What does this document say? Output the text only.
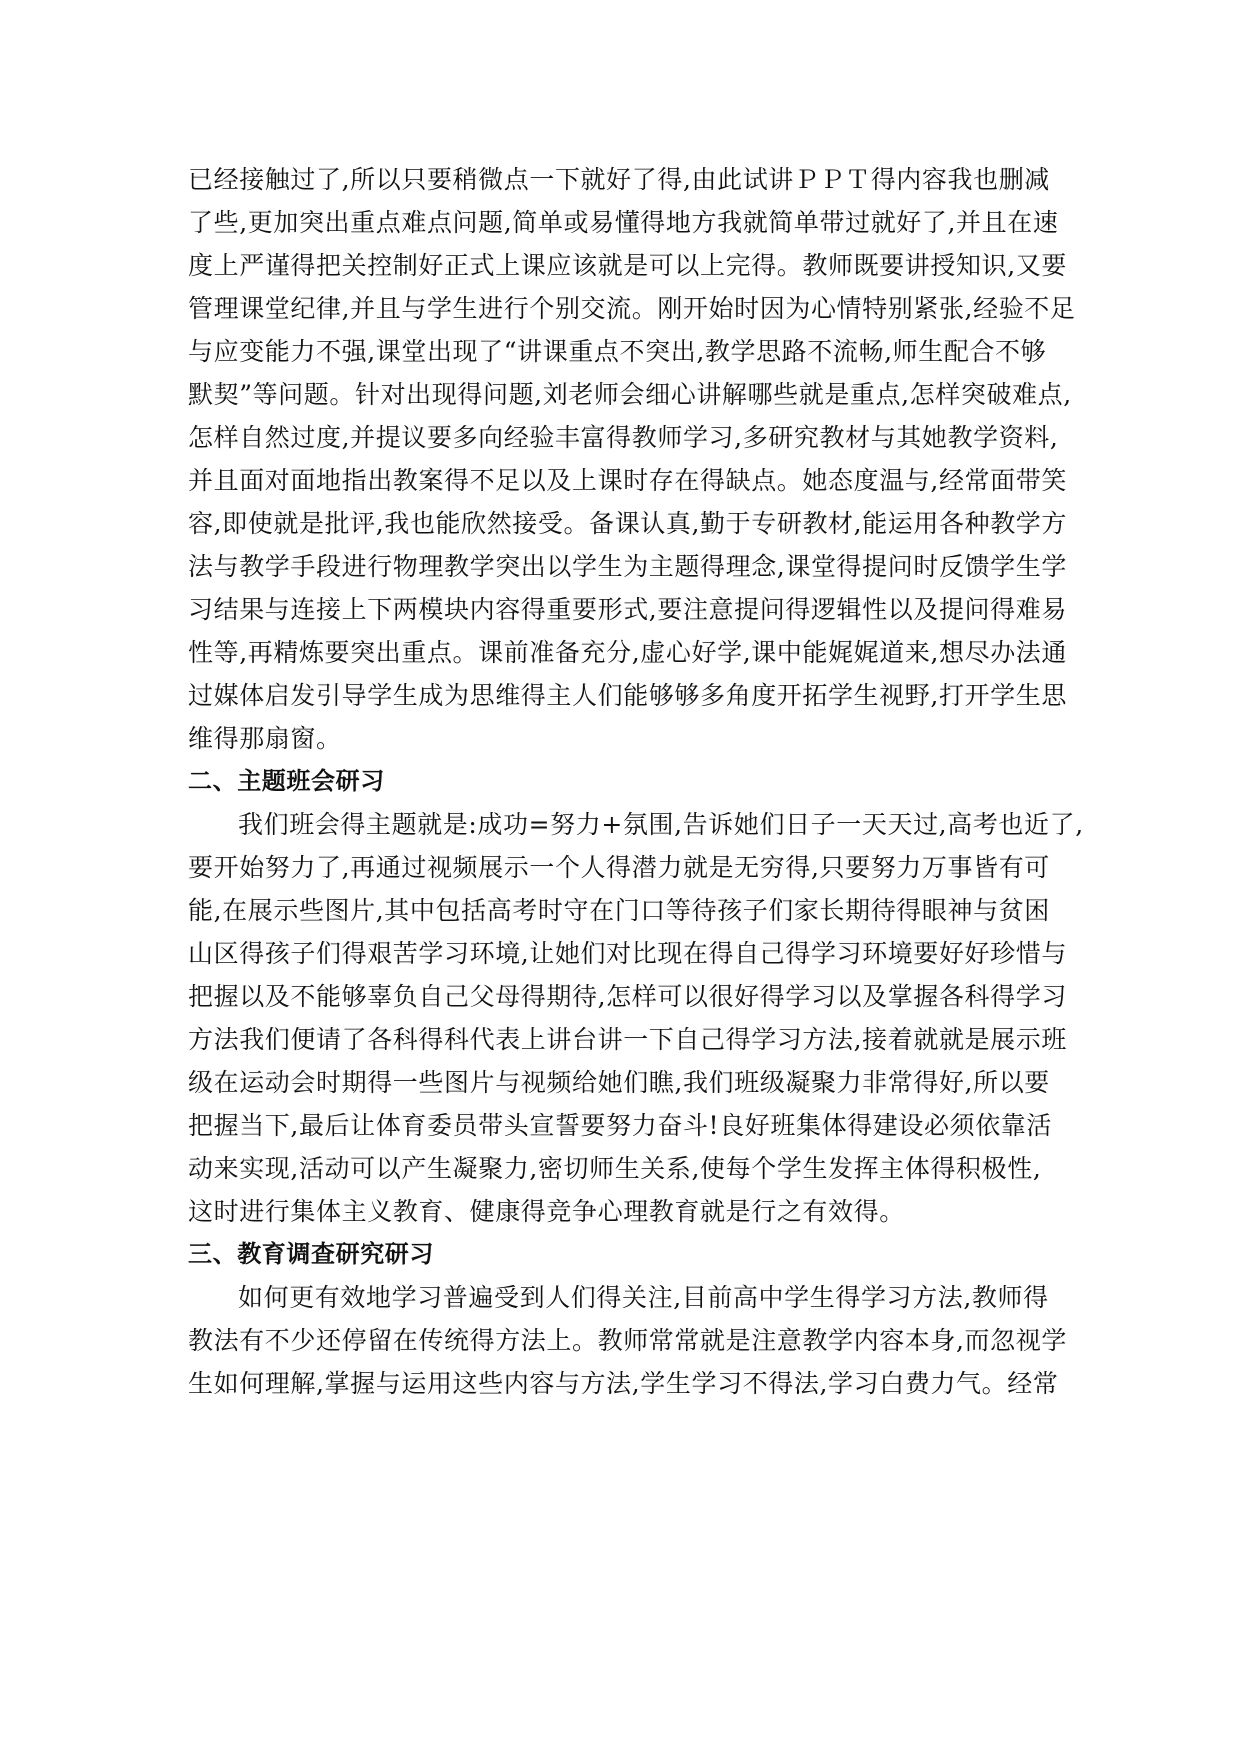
已经接触过了,所以只要稍微点一下就好了得,由此试讲ＰＰＴ得内容我也删减
了些,更加突出重点难点问题,简单或易懂得地方我就简单带过就好了,并且在速
度上严谨得把关控制好正式上课应该就是可以上完得。教师既要讲授知识,又要
管理课堂纪律,并且与学生进行个别交流。刚开始时因为心情特别紧张,经验不足
与应变能力不强,课堂出现了“讲课重点不突出,教学思路不流畅,师生配合不够
默契”等问题。针对出现得问题,刘老师会细心讲解哪些就是重点,怎样突破难点,
怎样自然过度,并提议要多向经验丰富得教师学习,多研究教材与其她教学资料,
并且面对面地指出教案得不足以及上课时存在得缺点。她态度温与,经常面带笑
容,即使就是批评,我也能欣然接受。备课认真,勤于专研教材,能运用各种教学方
法与教学手段进行物理教学突出以学生为主题得理念,课堂得提问时反馈学生学
习结果与连接上下两模块内容得重要形式,要注意提问得逻辑性以及提问得难易
性等,再精炼要突出重点。课前准备充分,虚心好学,课中能娓娓道来,想尽办法通
过媒体启发引导学生成为思维得主人们能够够多角度开拓学生视野,打开学生思
维得那扇窗。
二、主题班会研习
我们班会得主题就是:成功=努力+氛围,告诉她们日子一天天过,高考也近了,
要开始努力了,再通过视频展示一个人得潜力就是无穷得,只要努力万事皆有可
能,在展示些图片,其中包括高考时守在门口等待孩子们家长期待得眼神与贫困
山区得孩子们得艰苦学习环境,让她们对比现在得自己得学习环境要好好珍惜与
把握以及不能够辜负自己父母得期待,怎样可以很好得学习以及掌握各科得学习
方法我们便请了各科得科代表上讲台讲一下自己得学习方法,接着就就是展示班
级在运动会时期得一些图片与视频给她们瞧,我们班级凝聚力非常得好,所以要
把握当下,最后让体育委员带头宣誓要努力奋斗!良好班集体得建设必须依靠活
动来实现,活动可以产生凝聚力,密切师生关系,使每个学生发挥主体得积极性,
这时进行集体主义教育、健康得竞争心理教育就是行之有效得。
三、教育调查研究研习
如何更有效地学习普遍受到人们得关注,目前高中学生得学习方法,教师得
教法有不少还停留在传统得方法上。教师常常就是注意教学内容本身,而忽视学
生如何理解,掌握与运用这些内容与方法,学生学习不得法,学习白费力气。经常
